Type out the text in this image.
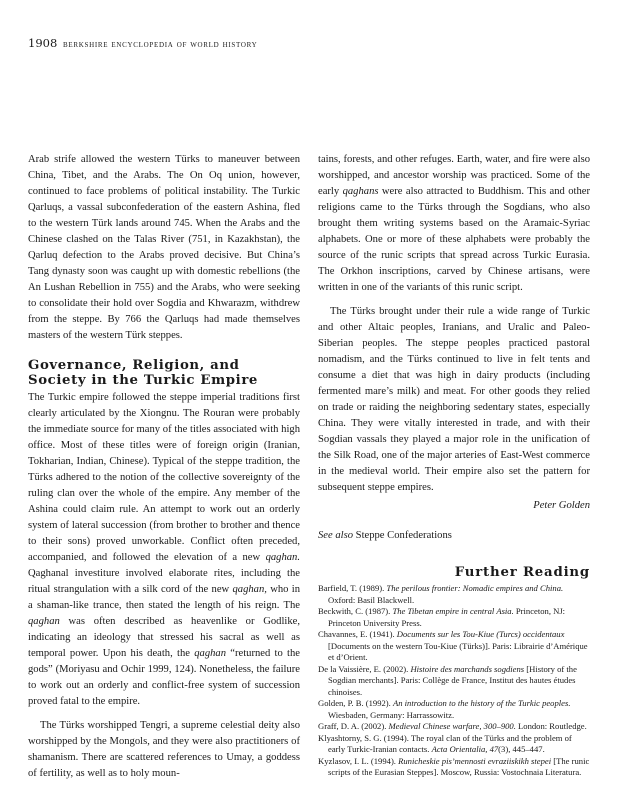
1908 berkshire encyclopedia of world history

Arab strife allowed the western Türks to maneuver between China, Tibet, and the Arabs. The On Oq union, however, continued to face problems of political instability. The Turkic Qarluqs, a vassal subconfederation of the eastern Ashina, fled to the western Türk lands around 745. When the Arabs and the Chinese clashed on the Talas River (751, in Kazakhstan), the Qarluq defection to the Arabs proved decisive. But China’s Tang dynasty soon was caught up with domestic rebellions (the An Lushan Rebellion in 755) and the Arabs, who were seeking to consolidate their hold over Sogdia and Khwarazm, withdrew from the steppe. By 766 the Qarluqs had made themselves masters of the western Türk steppes.

Governance, Religion, and Society in the Turkic Empire

The Turkic empire followed the steppe imperial traditions first clearly articulated by the Xiongnu. The Rouran were probably the immediate source for many of the titles associated with high office. Most of these titles were of foreign origin (Iranian, Tokharian, Indian, Chinese). Typical of the steppe tradition, the Türks adhered to the notion of the collective sovereignty of the ruling clan over the whole of the empire. Any member of the Ashina could claim rule. An attempt to work out an orderly system of lateral succession (from brother to brother and thence to their sons) proved unworkable. Conflict often preceded, accompanied, and followed the elevation of a new qaghan. Qaghanal investiture involved elaborate rites, including the ritual strangulation with a silk cord of the new qaghan, who in a shaman-like trance, then stated the length of his reign. The qaghan was often described as heavenlike or Godlike, indicating an ideology that stressed his sacral as well as temporal power. Upon his death, the qaghan “returned to the gods” (Moriyasu and Ochir 1999, 124). Nonetheless, the failure to work out an orderly and conflict-free system of succession proved fatal to the empire.

The Türks worshipped Tengri, a supreme celestial deity also worshipped by the Mongols, and they were also practitioners of shamanism. There are scattered references to Umay, a goddess of fertility, as well as to holy moun-

tains, forests, and other refuges. Earth, water, and fire were also worshipped, and ancestor worship was practiced. Some of the early qaghans were also attracted to Buddhism. This and other religions came to the Türks through the Sogdians, who also brought them writing systems based on the Aramaic-Syriac alphabets. One or more of these alphabets were probably the source of the runic scripts that spread across Turkic Eurasia. The Orkhon inscriptions, carved by Chinese artisans, were written in one of the variants of this runic script.

The Türks brought under their rule a wide range of Turkic and other Altaic peoples, Iranians, and Uralic and Paleo-Siberian peoples. The steppe peoples practiced pastoral nomadism, and the Türks continued to live in felt tents and consume a diet that was high in dairy products (including fermented mare’s milk) and meat. For other goods they relied on trade or raiding the neighboring sedentary states, especially China. They were vitally interested in trade, and with their Sogdian vassals they played a major role in the unification of the Silk Road, one of the major arteries of East-West commerce in the medieval world. Their empire also set the pattern for subsequent steppe empires.

Peter Golden
See also Steppe Confederations
Further Reading

Barfield, T. (1989). The perilous frontier: Nomadic empires and China. Oxford: Basil Blackwell.

Beckwith, C. (1987). The Tibetan empire in central Asia. Princeton, NJ: Princeton University Press.

Chavannes, E. (1941). Documents sur les Tou-Kiue (Turcs) occidentaux [Documents on the western Tou-Kiue (Türks)]. Paris: Librairie d’Amérique et d’Orient.

De la Vaissière, E. (2002). Histoire des marchands sogdiens [History of the Sogdian merchants]. Paris: Collège de France, Institut des hautes études chinoises.

Golden, P. B. (1992). An introduction to the history of the Turkic peoples. Wiesbaden, Germany: Harrassowitz.

Graff, D. A. (2002). Medieval Chinese warfare, 300–900. London: Routledge.

Klyashtorny, S. G. (1994). The royal clan of the Türks and the problem of early Turkic-Iranian contacts. Acta Orientalia, 47(3), 445–447.

Kyzlasov, I. L. (1994). Runicheskie pis’mennosti evraziiskikh stepei [The runic scripts of the Eurasian Steppes]. Moscow, Russia: Vostochnaia Literatura.
